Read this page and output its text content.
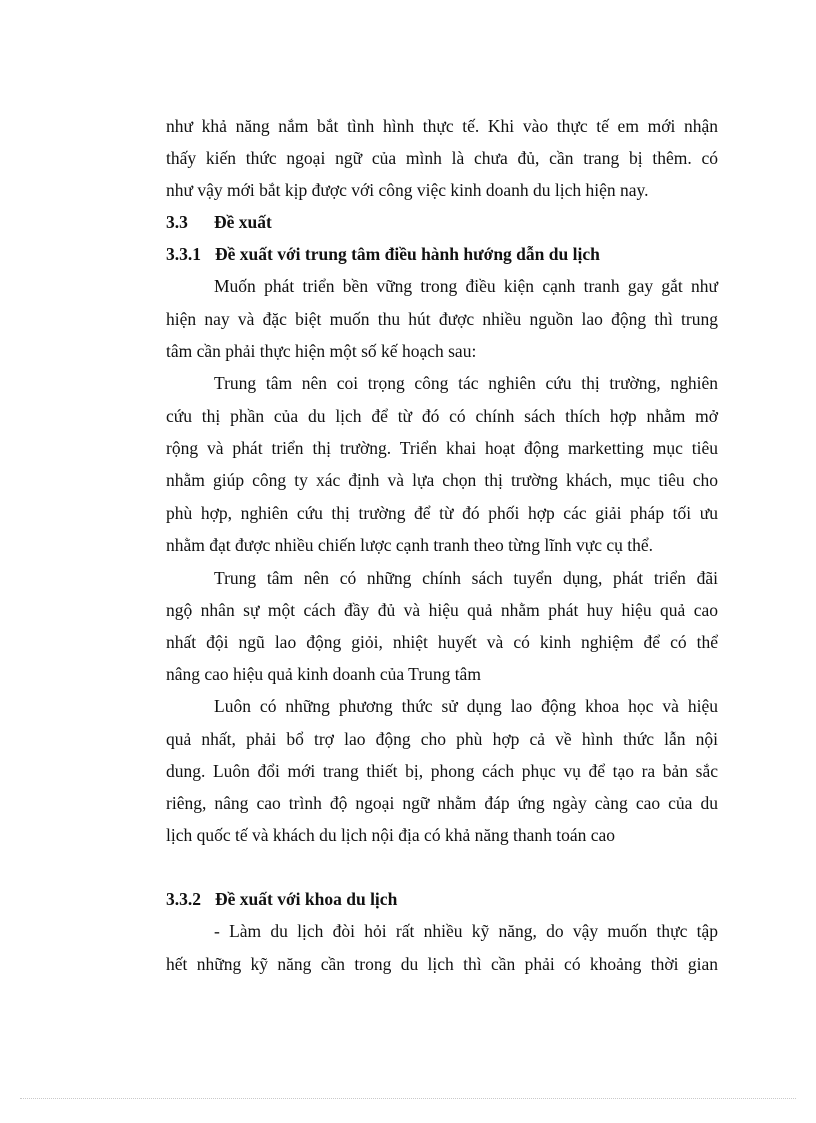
như khả năng nắm bắt tình hình thực tế. Khi vào thực tế em mới nhận
thấy kiến thức ngoại ngữ của mình là chưa đủ, cần trang bị thêm. có
như vậy mới bắt kịp được với công việc kinh doanh du lịch hiện nay.
3.3 Đề xuất
3.3.1 Đề xuất với trung tâm điều hành hướng dẫn du lịch
Muốn phát triển bền vững trong điều kiện cạnh tranh gay gắt như
hiện nay và đặc biệt muốn thu hút được nhiều nguồn lao động thì trung
tâm cần phải thực hiện một số kế hoạch sau:
Trung tâm nên coi trọng công tác nghiên cứu thị trường, nghiên
cứu thị phần của du lịch để từ đó có chính sách thích hợp nhằm mở
rộng và phát triển thị trường. Triển khai hoạt động marketting mục tiêu
nhằm giúp công ty xác định và lựa chọn thị trường khách, mục tiêu cho
phù hợp, nghiên cứu thị trường để từ đó phối hợp các giải pháp tối ưu
nhằm đạt được nhiều chiến lược cạnh tranh theo từng lĩnh vực cụ thể.
Trung tâm nên có những chính sách tuyển dụng, phát triển đãi
ngộ nhân sự một cách đầy đủ và hiệu quả nhằm phát huy hiệu quả cao
nhất đội ngũ lao động giỏi, nhiệt huyết và có kinh nghiệm để có thể
nâng cao hiệu quả kinh doanh của Trung tâm
Luôn có những phương thức sử dụng lao động khoa học và hiệu
quả nhất, phải bổ trợ lao động cho phù hợp cả về hình thức lẫn nội
dung. Luôn đổi mới trang thiết bị, phong cách phục vụ để tạo ra bản sắc
riêng, nâng cao trình độ ngoại ngữ nhằm đáp ứng ngày càng cao của du
lịch quốc tế và khách du lịch nội địa có khả năng thanh toán cao
3.3.2 Đề xuất với khoa du lịch
- Làm du lịch đòi hỏi rất nhiều kỹ năng, do vậy muốn thực tập
hết những kỹ năng cần trong du lịch thì cần phải có khoảng thời gian
